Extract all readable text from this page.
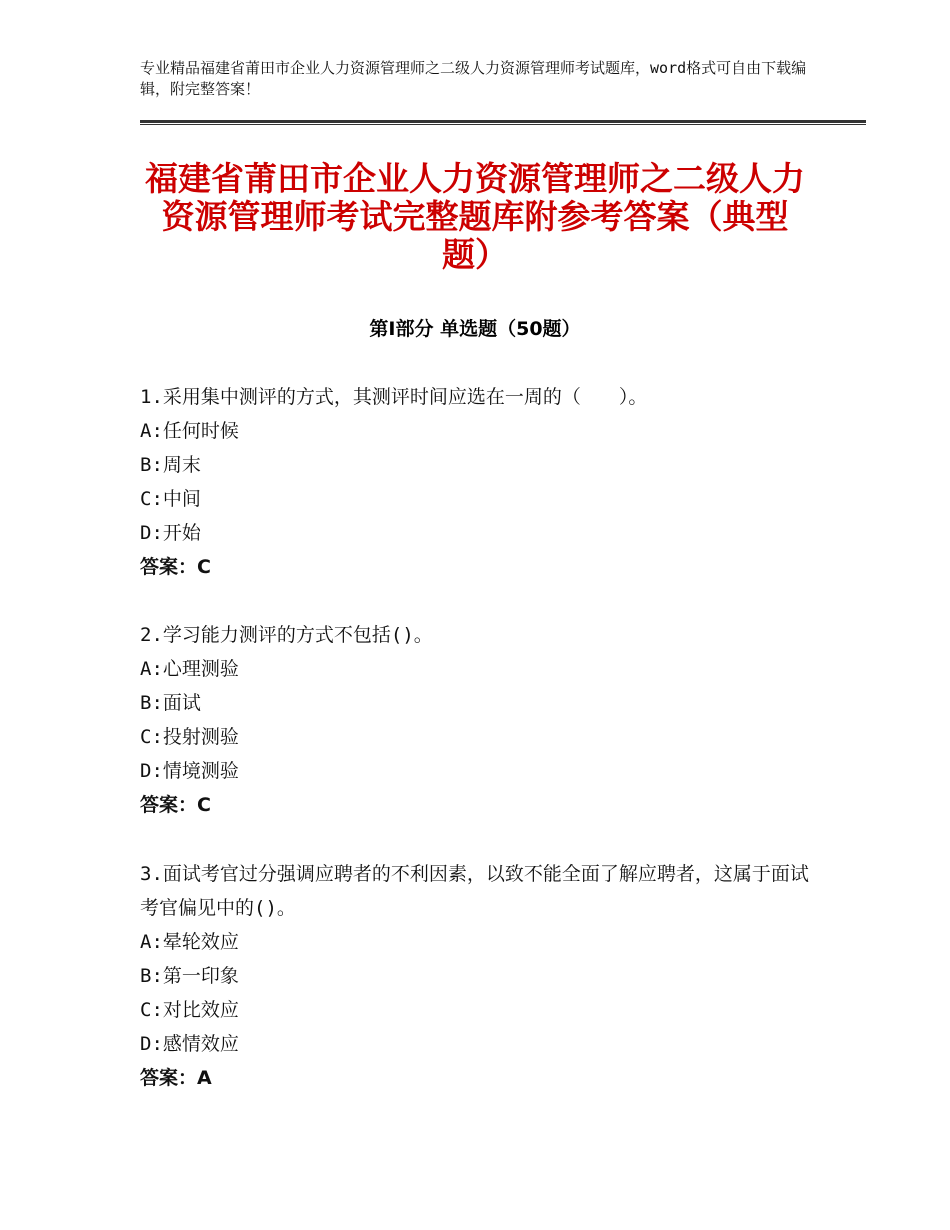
专业精品福建省莆田市企业人力资源管理师之二级人力资源管理师考试题库，word格式可自由下载编辑，附完整答案！
福建省莆田市企业人力资源管理师之二级人力资源管理师考试完整题库附参考答案（典型题）
第Ⅰ部分 单选题（50题）
1.采用集中测评的方式，其测评时间应选在一周的（　　）。
A:任何时候
B:周末
C:中间
D:开始
答案：C
2.学习能力测评的方式不包括()。
A:心理测验
B:面试
C:投射测验
D:情境测验
答案：C
3.面试考官过分强调应聘者的不利因素，以致不能全面了解应聘者，这属于面试考官偏见中的()。
A:晕轮效应
B:第一印象
C:对比效应
D:感情效应
答案：A
